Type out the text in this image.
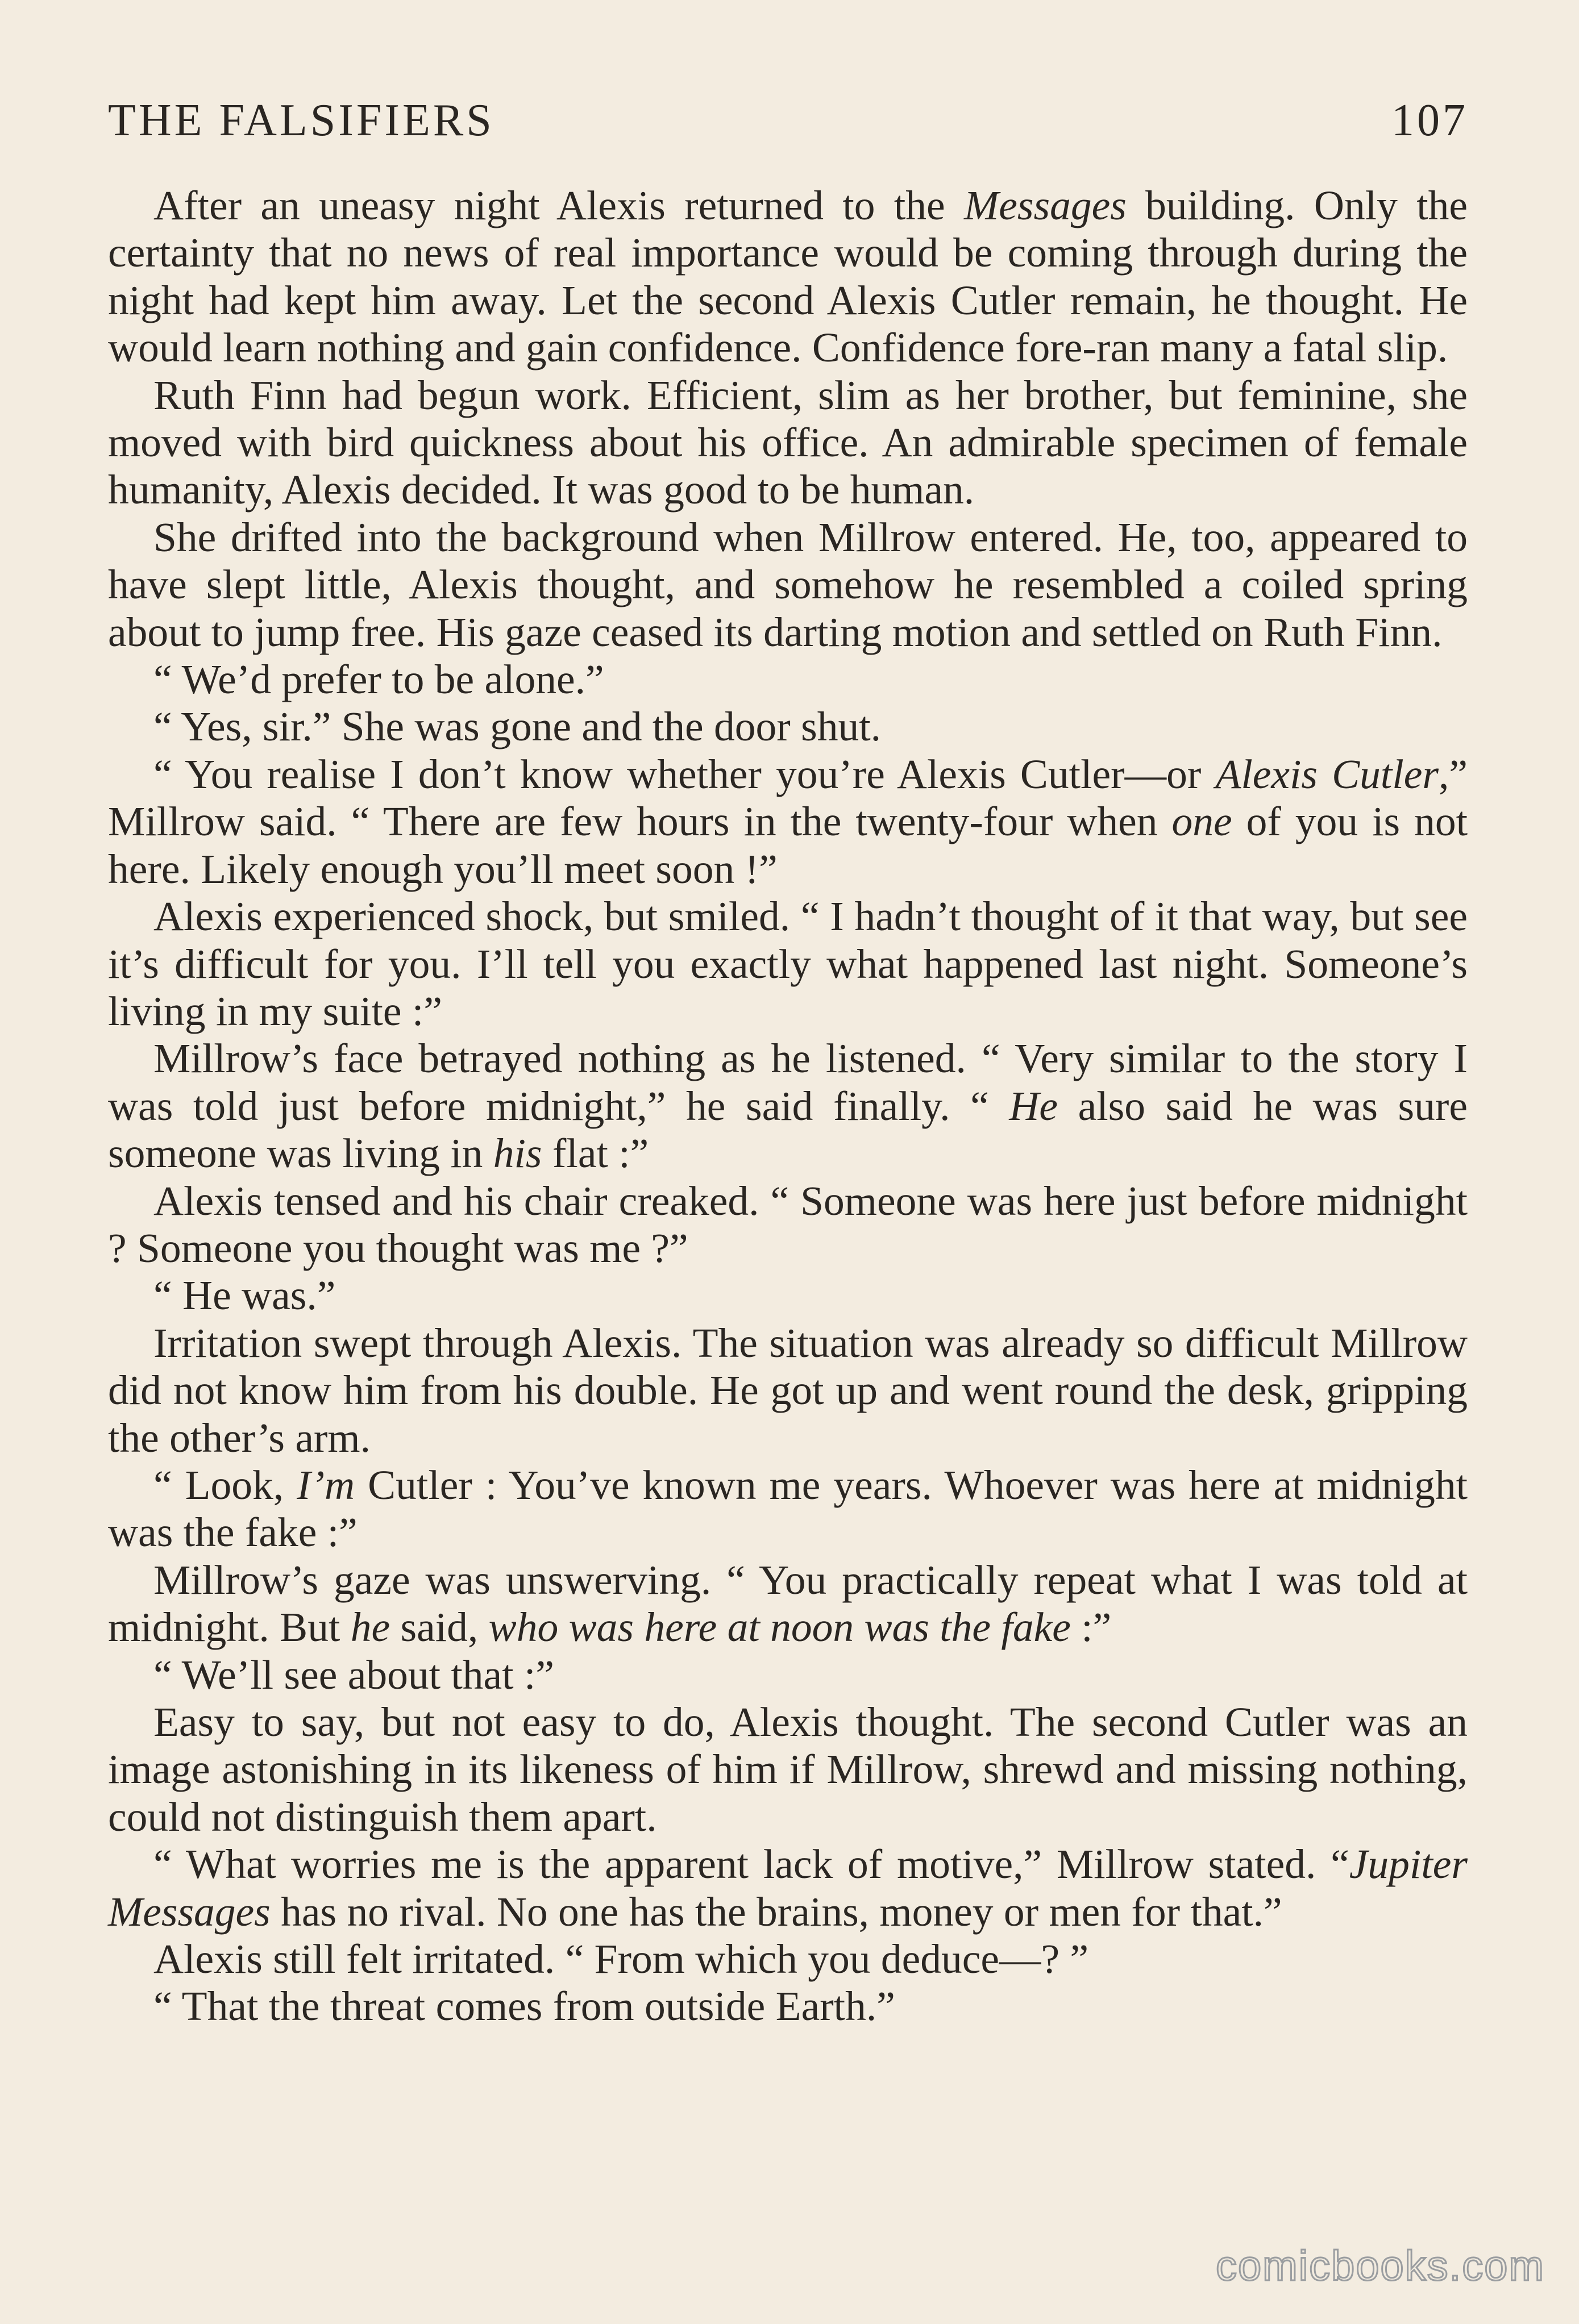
THE FALSIFIERS	107

After an uneasy night Alexis returned to the Messages building. Only the certainty that no news of real importance would be coming through during the night had kept him away. Let the second Alexis Cutler remain, he thought. He would learn nothing and gain confidence. Confidence fore-ran many a fatal slip.

Ruth Finn had begun work. Efficient, slim as her brother, but feminine, she moved with bird quickness about his office. An admirable specimen of female humanity, Alexis decided. It was good to be human.

She drifted into the background when Millrow entered. He, too, appeared to have slept little, Alexis thought, and somehow he resembled a coiled spring about to jump free. His gaze ceased its darting motion and settled on Ruth Finn.

“ We’d prefer to be alone.”

“ Yes, sir.” She was gone and the door shut.

“ You realise I don’t know whether you’re Alexis Cutler—or Alexis Cutler,” Millrow said. “ There are few hours in the twenty-four when one of you is not here. Likely enough you’ll meet soon !”

Alexis experienced shock, but smiled. “ I hadn’t thought of it that way, but see it’s difficult for you. I’ll tell you exactly what happened last night. Someone’s living in my suite :”

Millrow’s face betrayed nothing as he listened. “ Very similar to the story I was told just before midnight,” he said finally. “ He also said he was sure someone was living in his flat :”

Alexis tensed and his chair creaked. “ Someone was here just before midnight ? Someone you thought was me ?”

“ He was.”

Irritation swept through Alexis. The situation was already so difficult Millrow did not know him from his double. He got up and went round the desk, gripping the other’s arm.

“ Look, I’m Cutler : You’ve known me years. Whoever was here at midnight was the fake :”

Millrow’s gaze was unswerving. “ You practically repeat what I was told at midnight. But he said, who was here at noon was the fake :”

“ We’ll see about that :”

Easy to say, but not easy to do, Alexis thought. The second Cutler was an image astonishing in its likeness of him if Millrow, shrewd and missing nothing, could not distinguish them apart.

“ What worries me is the apparent lack of motive,” Millrow stated. “Jupiter Messages has no rival. No one has the brains, money or men for that.”

Alexis still felt irritated. “ From which you deduce—? ”

“ That the threat comes from outside Earth.”

comicbooks.com
